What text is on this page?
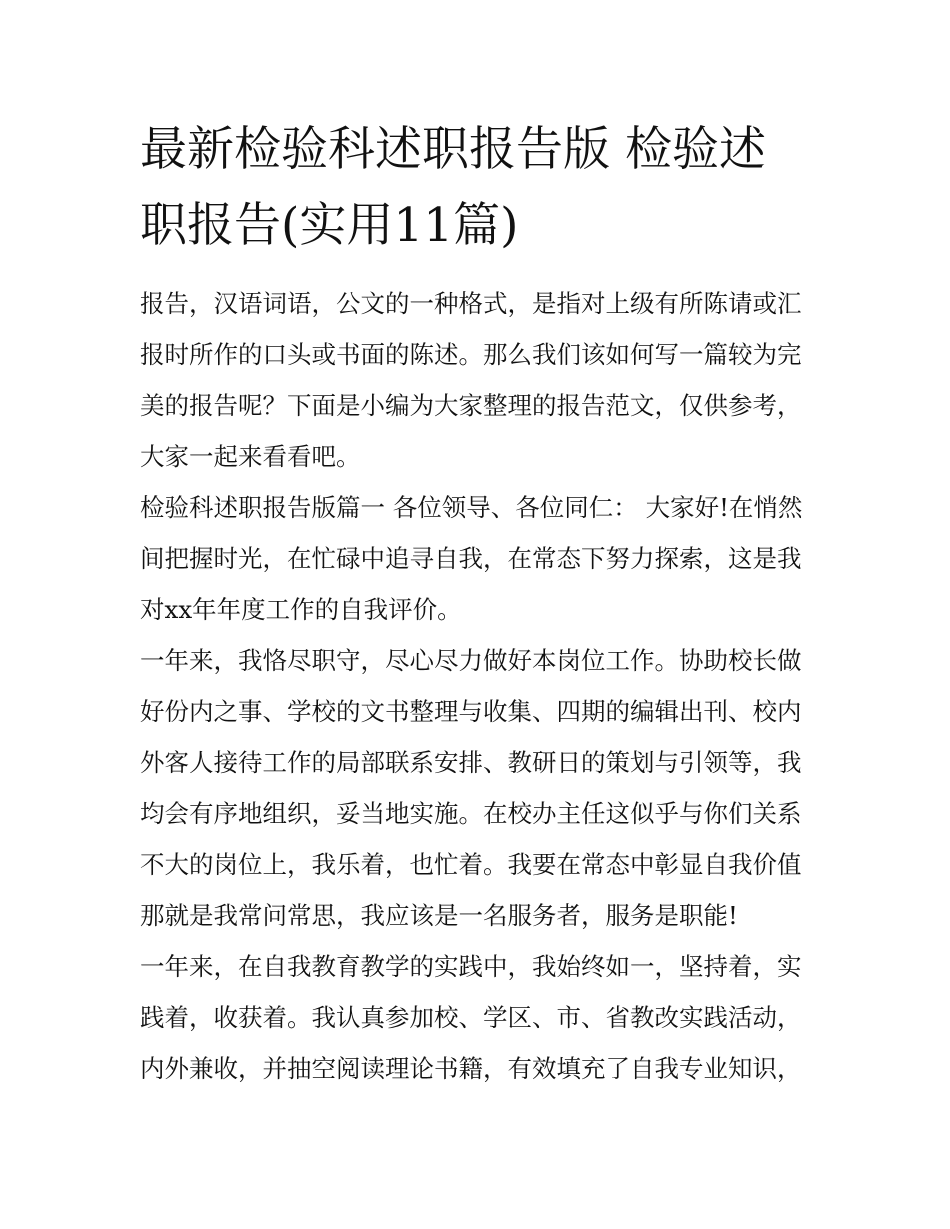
最新检验科述职报告版 检验述
职报告(实用11篇)
报告，汉语词语，公文的一种格式，是指对上级有所陈请或汇
报时所作的口头或书面的陈述。那么我们该如何写一篇较为完
美的报告呢？下面是小编为大家整理的报告范文，仅供参考，
大家一起来看看吧。
检验科述职报告版篇一 各位领导、各位同仁： 大家好!在悄然
间把握时光，在忙碌中追寻自我，在常态下努力探索，这是我
对xx年年度工作的自我评价。
一年来，我恪尽职守，尽心尽力做好本岗位工作。协助校长做
好份内之事、学校的文书整理与收集、四期的编辑出刊、校内
外客人接待工作的局部联系安排、教研日的策划与引领等，我
均会有序地组织，妥当地实施。在校办主任这似乎与你们关系
不大的岗位上，我乐着，也忙着。我要在常态中彰显自我价值
那就是我常问常思，我应该是一名服务者，服务是职能!
一年来，在自我教育教学的实践中，我始终如一，坚持着，实
践着，收获着。我认真参加校、学区、市、省教改实践活动，
内外兼收，并抽空阅读理论书籍，有效填充了自我专业知识，
